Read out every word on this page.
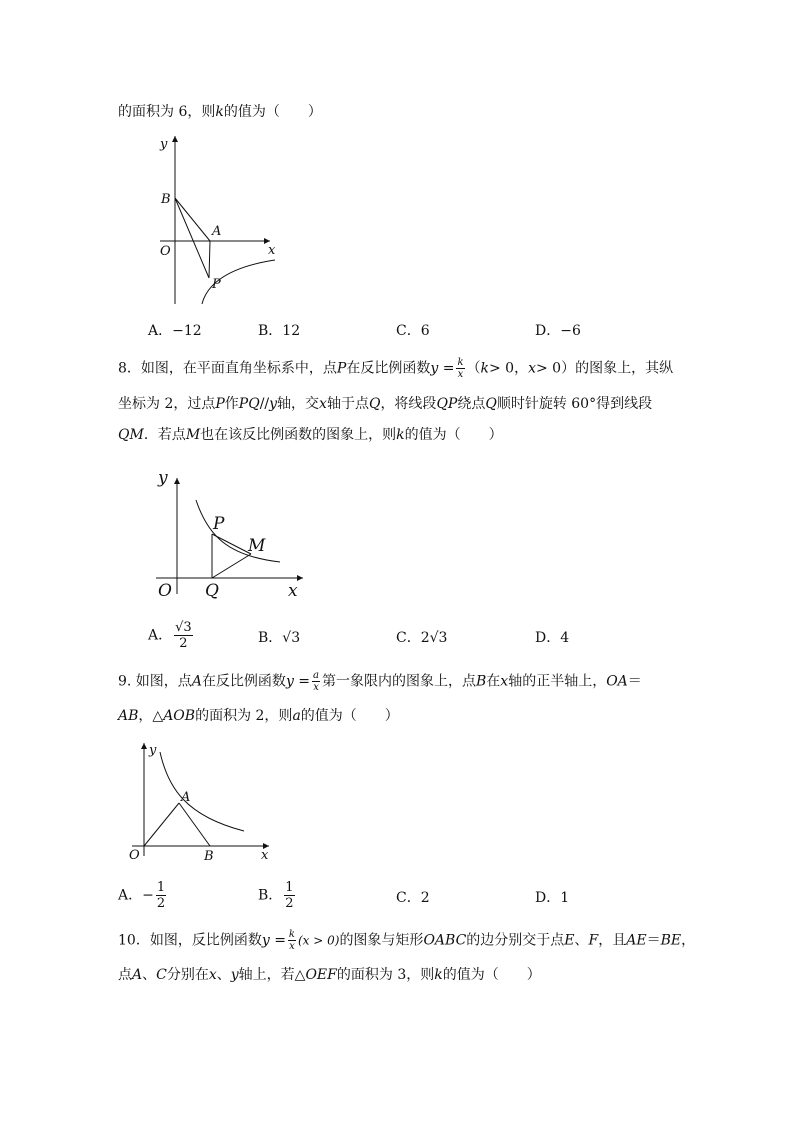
的面积为 6，则k的值为（　　）
y
x
O
B
A
P
A．−12	B．12	C．6	D．−6
8．如图，在平面直角坐标系中，点P在反比例函数$y = \frac{k}{x} (k> 0$，x> 0）的图象上，其纵
坐标为 2，过点P作PQ//y轴，交x轴于点Q，将线段QP绕点Q顺时针旋转 60°得到线段
QM．若点M也在该反比例函数的图象上，则k的值为（　　）
y
x
O Q
P
M
A． $\frac{√3}{2}$	B．√3	C．2√3	D．4
9. 如图，点A在反比例函数$y = \frac{a}{x}$ 第一象限内的图象上，点B在x轴的正半轴上，OA＝
AB，△AOB的面积为 2，则a的值为（　　）
y
x
O
A
B
A．− $\frac{1}{2}$	B． $\frac{1}{2}$	C．2	D．1
10．如图，反比例函数$y = \frac{k}{x} (x > 0)$的图象与矩形OABC的边分别交于点E、F，且AE＝BE，
点A、C分别在x、y轴上，若△OEF的面积为 3，则k的值为（　　）
